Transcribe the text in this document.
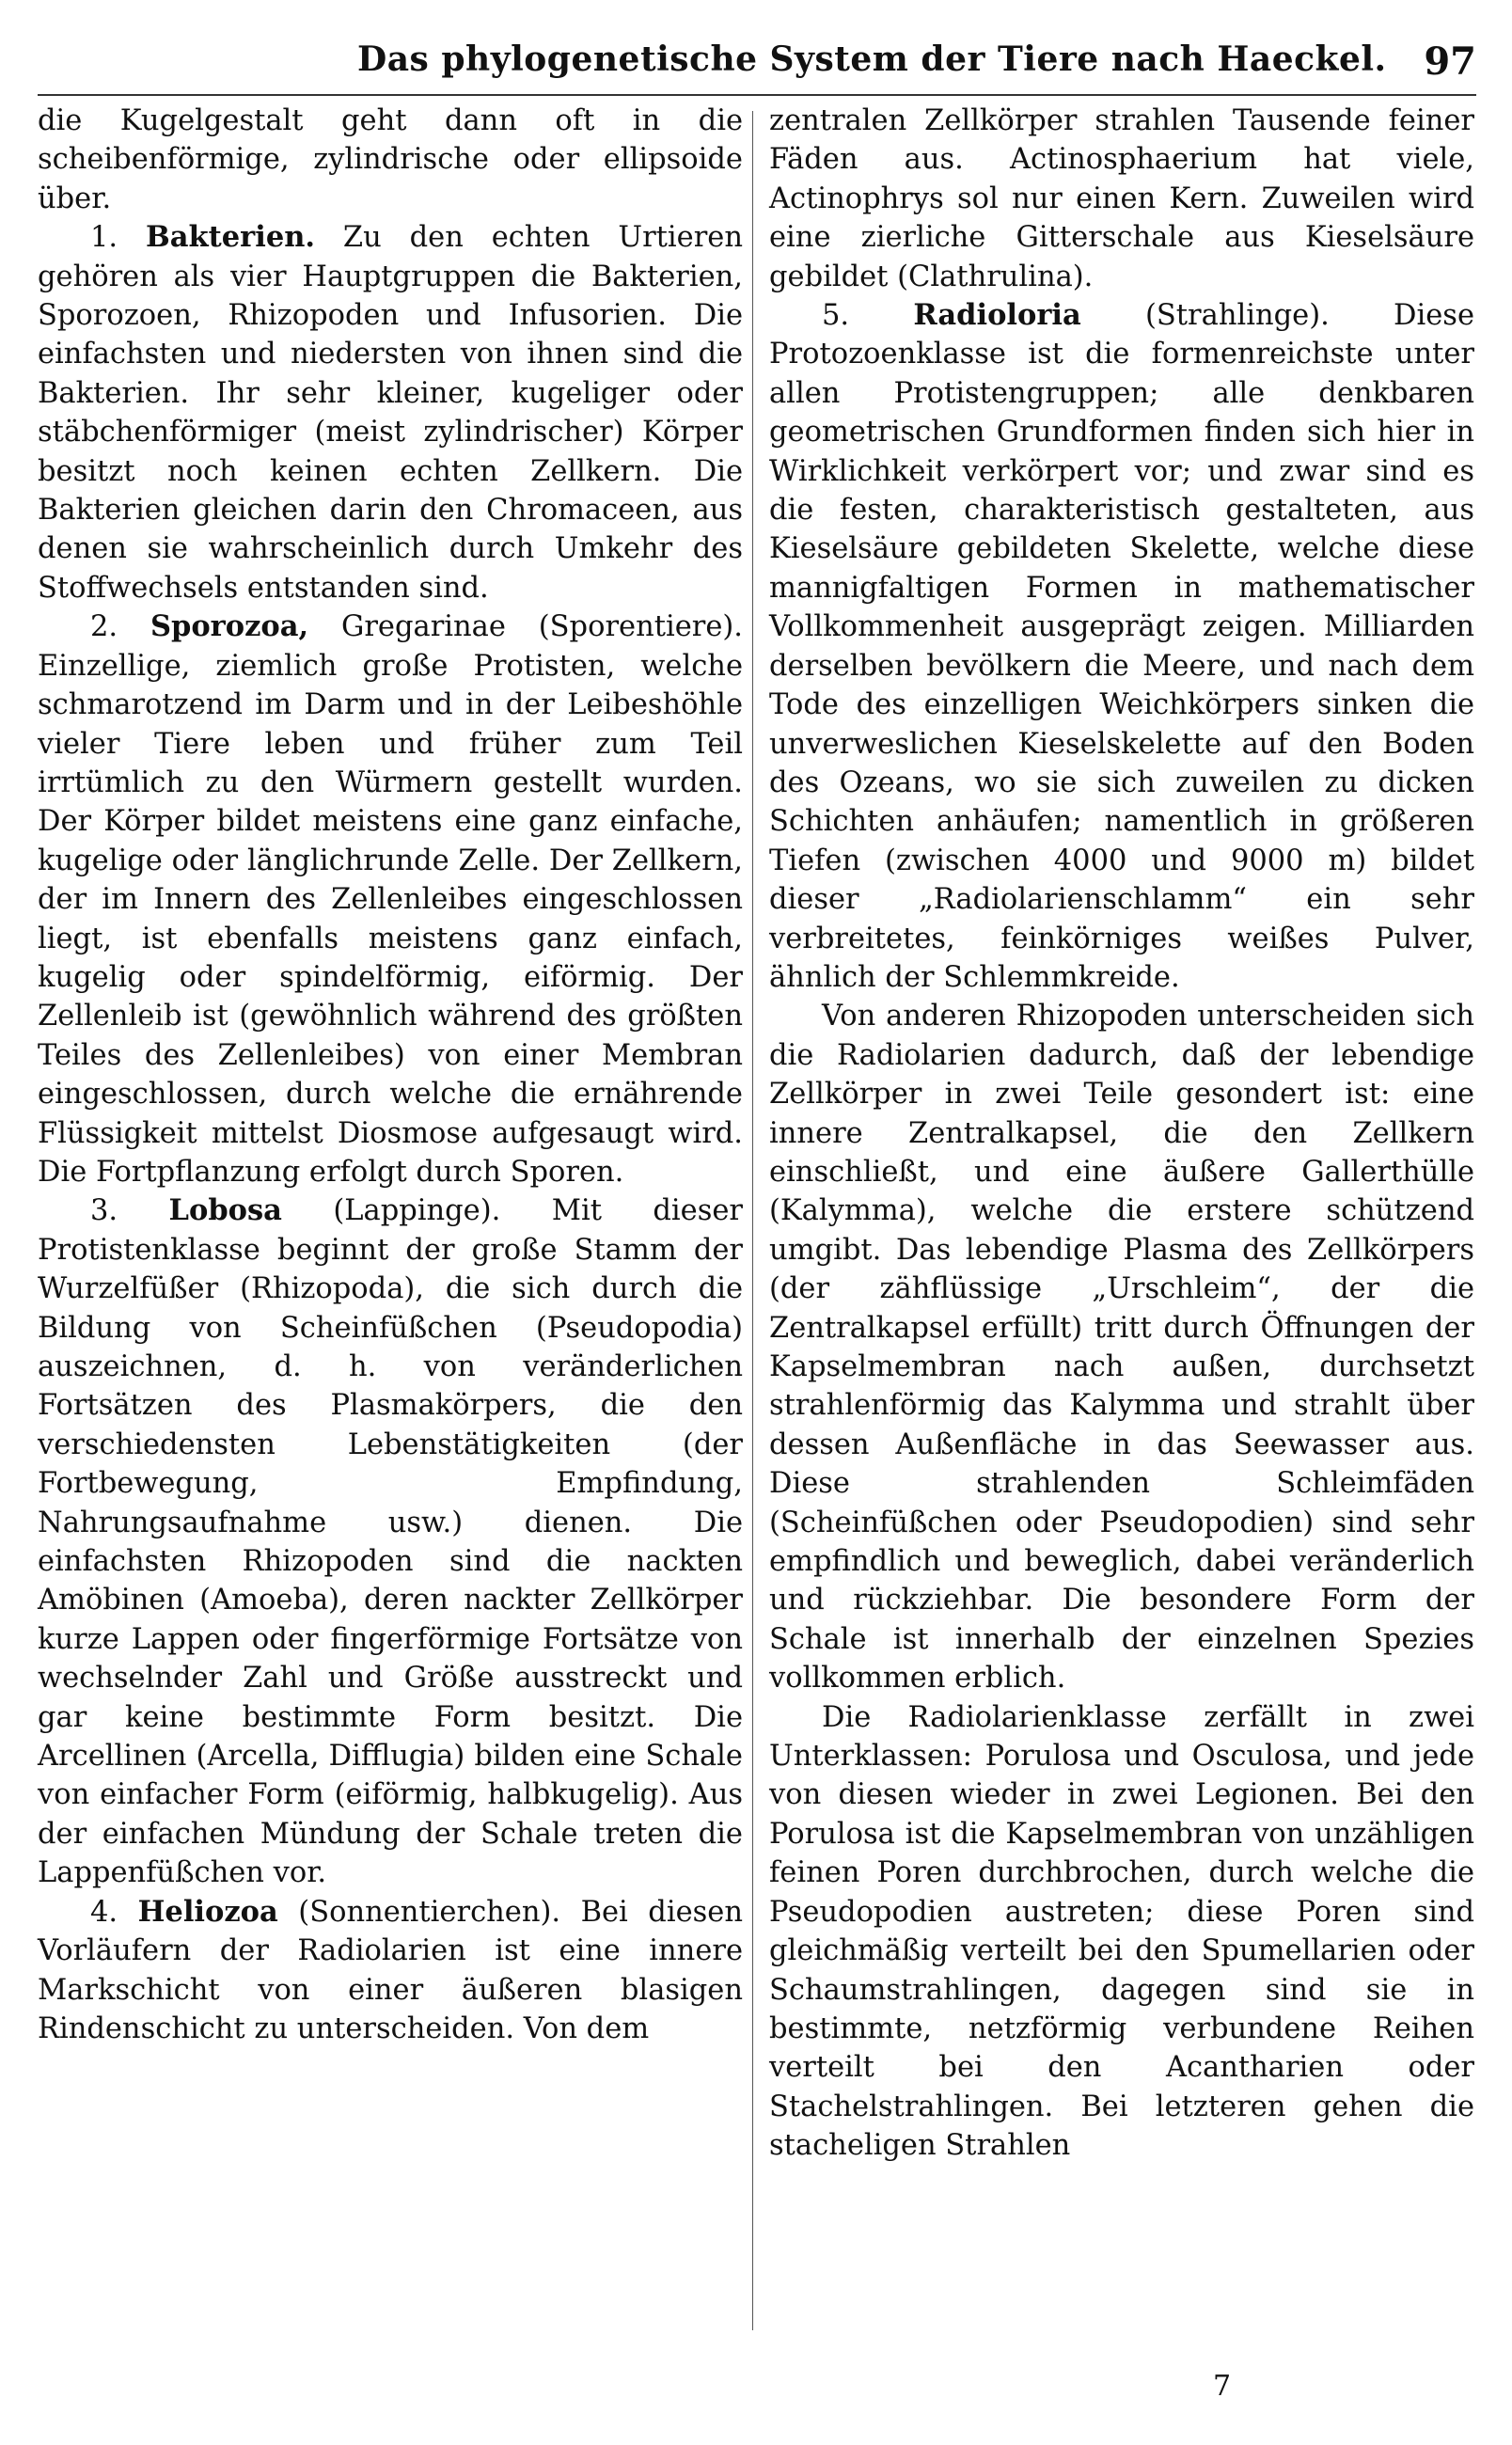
Das phylogenetische System der Tiere nach Haeckel. 97

die Kugelgestalt geht dann oft in die scheibenförmige, zylindrische oder ellipsoide über.

1. Bakterien. Zu den echten Urtieren gehören als vier Hauptgruppen die Bakterien, Sporozoen, Rhizopoden und Infusorien. Die einfachsten und niedersten von ihnen sind die Bakterien. Ihr sehr kleiner, kugeliger oder stäbchenförmiger (meist zylindrischer) Körper besitzt noch keinen echten Zellkern. Die Bakterien gleichen darin den Chromaceen, aus denen sie wahrscheinlich durch Umkehr des Stoffwechsels entstanden sind.

2. Sporozoa, Gregarinae (Sporentiere). Einzellige, ziemlich große Protisten, welche schmarotzend im Darm und in der Leibeshöhle vieler Tiere leben und früher zum Teil irrtümlich zu den Würmern gestellt wurden. Der Körper bildet meistens eine ganz einfache, kugelige oder länglichrunde Zelle. Der Zellkern, der im Innern des Zellenleibes eingeschlossen liegt, ist ebenfalls meistens ganz einfach, kugelig oder spindelförmig, eiförmig. Der Zellenleib ist (gewöhnlich während des größten Teiles des Zellenleibes) von einer Membran eingeschlossen, durch welche die ernährende Flüssigkeit mittelst Diosmose aufgesaugt wird. Die Fortpflanzung erfolgt durch Sporen.

3. Lobosa (Lappinge). Mit dieser Protistenklasse beginnt der große Stamm der Wurzelfüßer (Rhizopoda), die sich durch die Bildung von Scheinfüßchen (Pseudopodia) auszeichnen, d. h. von veränderlichen Fortsätzen des Plasmakörpers, die den verschiedensten Lebenstätigkeiten (der Fortbewegung, Empfindung, Nahrungsaufnahme usw.) dienen. Die einfachsten Rhizopoden sind die nackten Amöbinen (Amoeba), deren nackter Zellkörper kurze Lappen oder fingerförmige Fortsätze von wechselnder Zahl und Größe ausstreckt und gar keine bestimmte Form besitzt. Die Arcellinen (Arcella, Difflugia) bilden eine Schale von einfacher Form (eiförmig, halbkugelig). Aus der einfachen Mündung der Schale treten die Lappenfüßchen vor.

4. Heliozoa (Sonnentierchen). Bei diesen Vorläufern der Radiolarien ist eine innere Markschicht von einer äußeren blasigen Rindenschicht zu unterscheiden. Von dem

zentralen Zellkörper strahlen Tausende feiner Fäden aus. Actinosphaerium hat viele, Actinophrys sol nur einen Kern. Zuweilen wird eine zierliche Gitterschale aus Kieselsäure gebildet (Clathrulina).

5. Radioloria (Strahlinge). Diese Protozoenklasse ist die formenreichste unter allen Protistengruppen; alle denkbaren geometrischen Grundformen finden sich hier in Wirklichkeit verkörpert vor; und zwar sind es die festen, charakteristisch gestalteten, aus Kieselsäure gebildeten Skelette, welche diese mannigfaltigen Formen in mathematischer Vollkommenheit ausgeprägt zeigen. Milliarden derselben bevölkern die Meere, und nach dem Tode des einzelligen Weichkörpers sinken die unverweslichen Kieselskelette auf den Boden des Ozeans, wo sie sich zuweilen zu dicken Schichten anhäufen; namentlich in größeren Tiefen (zwischen 4000 und 9000 m) bildet dieser „Radiolarienschlamm“ ein sehr verbreitetes, feinkörniges weißes Pulver, ähnlich der Schlemmkreide.

Von anderen Rhizopoden unterscheiden sich die Radiolarien dadurch, daß der lebendige Zellkörper in zwei Teile gesondert ist: eine innere Zentralkapsel, die den Zellkern einschließt, und eine äußere Gallerthülle (Kalymma), welche die erstere schützend umgibt. Das lebendige Plasma des Zellkörpers (der zähflüssige „Urschleim“, der die Zentralkapsel erfüllt) tritt durch Öffnungen der Kapselmembran nach außen, durchsetzt strahlenförmig das Kalymma und strahlt über dessen Außenfläche in das Seewasser aus. Diese strahlenden Schleimfäden (Scheinfüßchen oder Pseudopodien) sind sehr empfindlich und beweglich, dabei veränderlich und rückziehbar. Die besondere Form der Schale ist innerhalb der einzelnen Spezies vollkommen erblich.

Die Radiolarienklasse zerfällt in zwei Unterklassen: Porulosa und Osculosa, und jede von diesen wieder in zwei Legionen. Bei den Porulosa ist die Kapselmembran von unzähligen feinen Poren durchbrochen, durch welche die Pseudopodien austreten; diese Poren sind gleichmäßig verteilt bei den Spumellarien oder Schaumstrahlingen, dagegen sind sie in bestimmte, netzförmig verbundene Reihen verteilt bei den Acantharien oder Stachelstrahlingen. Bei letzteren gehen die stacheligen Strahlen

7
